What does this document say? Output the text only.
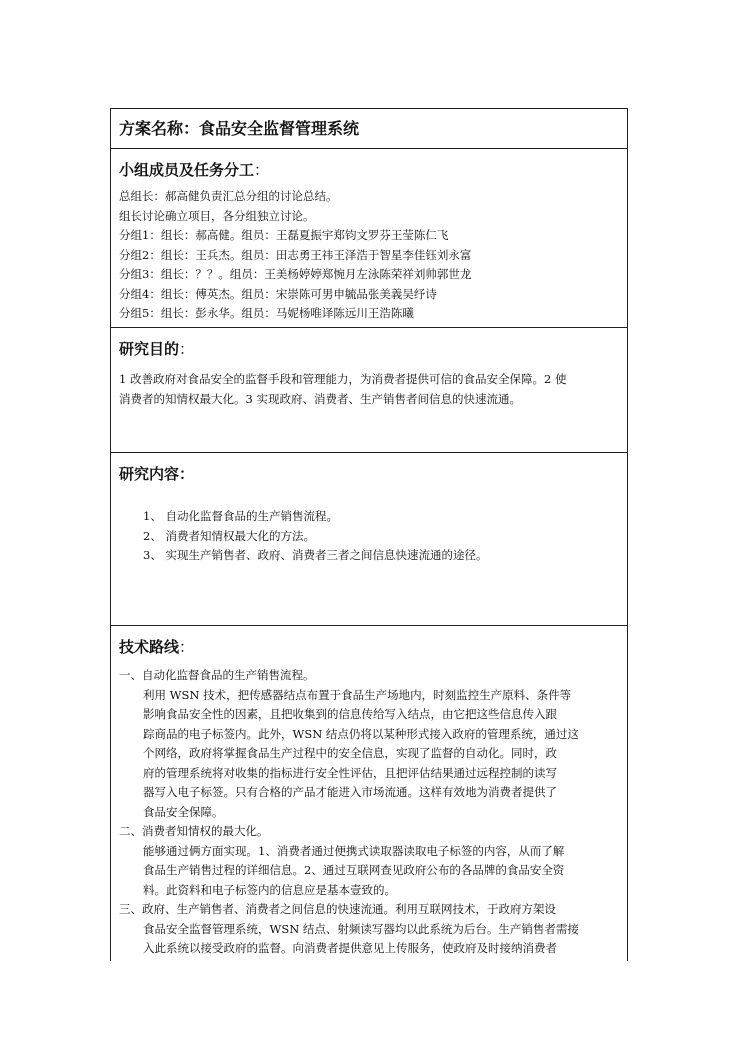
方案名称：食品安全监督管理系统
小组成员及任务分工：
总组长：郝高健负责汇总分组的讨论总结。
组长讨论确立项目，各分组独立讨论。
分组1：组长：郝高健。组员：王磊夏振宇郑钧文罗芬王莹陈仁飞
分组2：组长：王兵杰。组员：田志勇王祎王泽浩于智星李佳钰刘永富
分组3：组长：？？。组员：王美杨婷婷郑惋月左泳陈荣祥刘帅郭世龙
分组4：组长：傅英杰。组员：宋崇陈可男申毓品张美義吴纾诗
分组5：组长：彭永华。组员：马妮杨唯译陈远川王浩陈曦
研究目的：
1 改善政府对食品安全的监督手段和管理能力，为消费者提供可信的食品安全保障。2 使
消费者的知情权最大化。3 实现政府、消费者、生产销售者间信息的快速流通。
研究内容：
1、 自动化监督食品的生产销售流程。
2、 消费者知情权最大化的方法。
3、 实现生产销售者、政府、消费者三者之间信息快速流通的途径。
技术路线：
一、自动化监督食品的生产销售流程。
利用 WSN 技术，把传感器结点布置于食品生产场地内，时刻监控生产原料、条件等
影响食品安全性的因素，且把收集到的信息传给写入结点，由它把这些信息传入跟
踪商品的电子标签内。此外，WSN 结点仍将以某种形式接入政府的管理系统，通过这
个网络，政府将掌握食品生产过程中的安全信息，实现了监督的自动化。同时，政
府的管理系统将对收集的指标进行安全性评估，且把评估结果通过远程控制的读写
器写入电子标签。只有合格的产品才能进入市场流通。这样有效地为消费者提供了
食品安全保障。
二、消费者知情权的最大化。
能够通过俩方面实现。1、消费者通过便携式读取器读取电子标签的内容，从而了解
食品生产销售过程的详细信息。2、通过互联网查见政府公布的各品牌的食品安全资
料。此资料和电子标签内的信息应是基本壹致的。
三、政府、生产销售者、消费者之间信息的快速流通。利用互联网技术，于政府方架设
食品安全监督管理系统，WSN 结点、射频读写器均以此系统为后台。生产销售者需接
入此系统以接受政府的监督。向消费者提供意见上传服务，使政府及时接纳消费者
